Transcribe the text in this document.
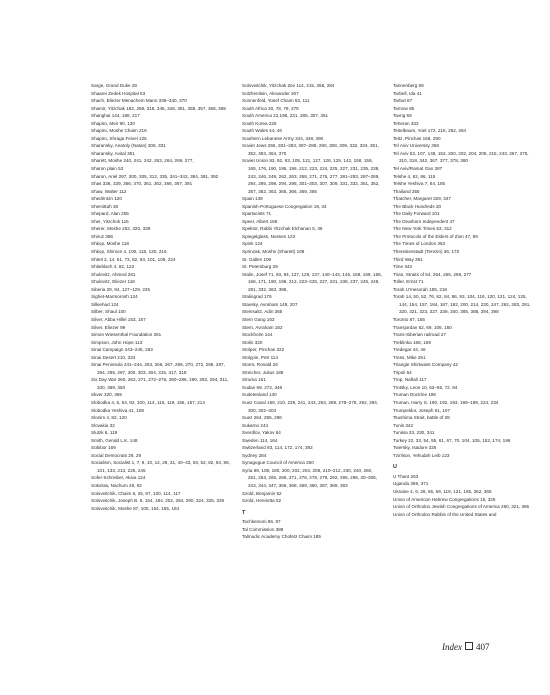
Sarge, Grand Duke 28
Shaarei Zedek Hospital 53
Shach, Eliezer Menachem Mann 338–340, 370
Shamir, Yitzchak 182, 259, 318, 345, 348, 351, 358, 357, 368, 369
Shanghai 144, 188, 217
Shapiro, Meir 90, 130
Shapiro, Moshe Chaim 216
Shapiro, Shraga Feivel 125
Sharansky, Anatoly (Natan) 306, 331
Sharansky, Avital 351
Sharett, Moshe 240, 241, 242, 263, 264, 269, 277,
Sharon plain 53
Sharon, Ariel 297, 300, 305, 312, 335, 341–343, 384, 391, 392
Shas 338, 339, 356, 370, 361, 362, 366, 367, 391
Shaw, Walter 112
Shedrintzn 120
Shemittah 36
Shepard, Alan 255
Sher, Yitzchok 115
Sherer, Moshe 252, 320, 339
Shiruz 386
Shkop, Moshe 118
Shkop, Shimon 4, 100, 118, 130, 216
Shtetl 3, 14, 51, 73, 82, 93, 101, 108, 224
Shtieblach 4, 82, 122
Shulevitz, Ahmed 261
Shulevitz, Eliezer 118
Siberia 29, 94, 127–129, 225
Sighet-Marmorosh 124
Silkiehad 124
Silber, Shaul 100
Silver, Abba Hillel 153, 157
Silver, Eliezer 99
Simon Wiesenthal Foundation 361
Simpson, John Hope 113
Sinai Campaign 243–245, 263
Sinai Desert 210, 334
Sinai Peninsula 241–244, 263, 266, 267, 269, 270, 272, 286, 287, 294, 295, 297, 300, 303, 304, 315, 317, 318
Six Day War 260, 262, 271, 272–276, 280–286, 290, 292, 294, 311, 340, 369, 393
Skver 320, 365
Slobodka 4, 5, 64, 82, 100, 114, 115, 119, 156, 157, 214
Slobodka Yeshiva 41, 108
Slonim 4, 82, 120
Slovakia 32
Slutzk 6, 119
Smith, Gerald L.K. 148
Sobibor 169
Social Democrats 28, 29
Socialism, Socialist 1, 7, 9, 10, 14, 29, 31, 40–43, 50, 52, 82, 84, 88, 101, 133, 213, 225, 245
Sofer-Schreiber, Akiva 124
Sokolow, Nachum 26, 52
Soloveitchik, Chaim 6, 25, 87, 100, 114, 117
Soloveitchik, Joseph B. 6, 154, 184, 252, 284, 290, 324, 325, 329
Soloveitchik, Moshe 87, 100, 154, 155, 184
Soloveitchik, Yitzchak Zev 114, 215, 258, 284
Solzhenitsin, Alexander 307
Sonnenfeld, Yosef Chaim 53, 111
South Africa 30, 78, 79, 375
South America 22,198, 231, 285, 307, 351
South Korea 225
South Wales 44, 46
Southern Lebanese Army 344, 348, 390
Soviet Jews 256, 281–283, 287–289, 290, 308, 309, 332, 334, 351, 352, 363, 364, 370
Soviet Union 83, 92, 93, 105, 121, 127, 128, 129, 142, 158, 159, 165, 176, 190, 195, 196, 212, 223, 224, 225, 227, 231, 235, 238, 243, 246, 249, 262, 263, 268, 271, 276, 277, 281–283, 287–289, 294, 295, 298, 294, 298, 301–303, 307, 309, 331, 332, 351, 352, 357, 362, 363, 365, 366, 369, 385
Spain 139
Spanish-Portuguese Congregation 18, 34
Spartacists 71
Speer, Albert 189
Spektor, Rabbi Yitzchak Elchanan 5, 36
Spiegelglass, Nossen 122
Spink 124
Sprinzak, Moshe (Sharett) 108
St. Gallen 109
St. Petersburg 28
Stalin, Josef 71, 93, 94, 127, 129, 137, 140–143, 145, 158, 159, 165, 166, 171, 190, 196, 212, 223–225, 227, 231, 236, 237, 245, 248, 281, 332, 363, 386,
Stalingrad 176
Stavsky, Avraham 149, 207
Steinsaltz, Adin 365
Stern Gang 162
Stern, Avraham 162
Stockholm 144
Stolin 320
Stolper, Pinchas 322
Stolypin, Petr 114
Storrs, Ronald 26
Streicher, Julius 189
Struma 161
Sudan 69, 272, 348
Sudetenland 140
Suez Canal 159, 210, 239, 241, 243, 263, 269, 278–278, 292, 294, 300, 302–304
Suez 264, 295, 296
Sukarno 244
Sverdlov, Yakov 64
Sweden 114, 164
Switzerland 93, 114, 172, 174, 392
Sydney 284
Synagogue Council of America 250
Syria 69, 108, 180, 200, 202, 204, 208, 210–212, 230, 240, 260, 261, 263, 265, 266, 271, 276, 278, 279, 292, 295, 298, 30–306, 343, 344, 347, 366, 368, 369, 380, 387, 389, 393
Szold, Benjamin 52
Szold, Henrietta 52
T
Tachkemoni 86, 87
Tal Commission 388
Talmudic Academy Chofetz Chaim 185
Tannenberg 58
Tarbell, Ida 41
Tarbut 87
Tarnow 85
Tavrig 59
Teheran 333
Teitelbaum, Yoel 172, 218, 252, 284
Teitz, Pinchas 158, 290
Tel Aviv University 258
Tel Aviv 53, 107, 148, 152, 200, 202, 204, 205, 215, 243, 267, 275, 310, 318, 342, 367, 377, 378, 380
Tel Aviv/Ramat Gan 387
Telshe 4, 82, 86, 115
Telshe Yeshiva 7, 64, 185
Thailand 355
Thatcher, Margaret 329, 347
The Black Hundreds 30
The Daily Forward 101
The Dearborn Independent 47
The New York Times 53, 312
The Protocols of the Elders of Zion 47, 99
The Times of London 363
Theresienstadt (Terezin) 36, 170
Third Way 391
Time 343
Tiran, Straits of 54, 264, 265, 269, 277
Toller, Ernst 71
Torah U'mesorah 185, 218
Torah 14, 50, 52, 76, 82, 84, 86, 93, 104, 116, 120, 121, 124, 125, 144, 154, 157, 184, 187, 192, 200, 214, 230, 247, 262, 283, 291, 320, 321, 323, 327, 339, 340, 385, 388, 394, 398
Toronto 87, 155
Transjordan 62, 69, 106, 150
Trans-Siberian railroad 27
Treblinka 168, 169
Tredegar 44, 46
Tress, Mike 251
Triangle Shirtwaist Company 42
Tripoli 54
Trop, Naftali 117
Trotsky, Leon 10, 63–65, 72, 94
Truman Doctrine 196
Truman, Harry S. 190, 192, 193, 196–199, 224, 234
Trumpeldor, Joseph 61, 107
Tsushima Strait, battle of 28
Tunis 342
Tunisia 33, 230, 341
Turkey 22, 33, 54, 55, 61, 67, 70, 104, 105, 152, 174, 196
Twersky, Isadore 325
Tzirilson, Yehudah Leib 123
U
U Thant 263
Uganda 369, 371
Ukraine 4, 6, 28, 65, 69, 119, 121, 165, 352, 365
Union of American Hebrew Congregations 15, 325
Union of Orthodox Jewish Congregations of America 250, 321, 365
Union of Orthodox Rabbis of the United States and
Index 407
